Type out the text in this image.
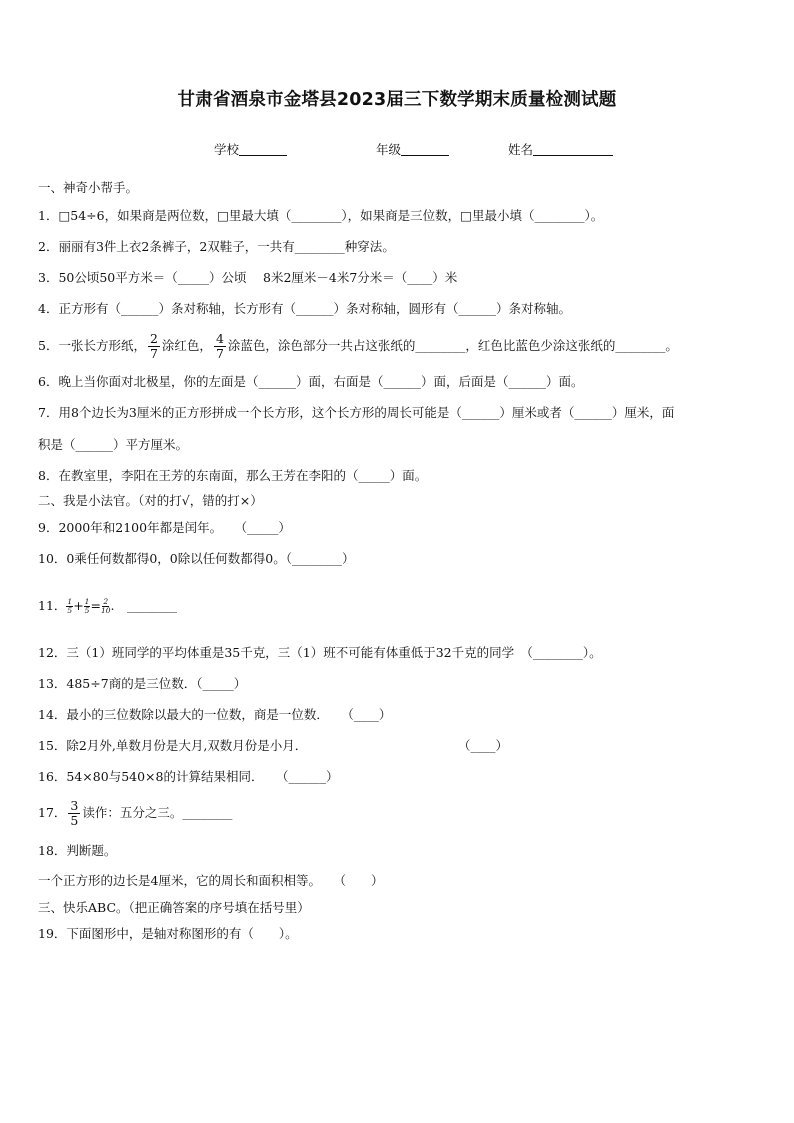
甘肃省酒泉市金塔县2023届三下数学期末质量检测试题
学校	年级	姓名
一、神奇小帮手。
1．□54÷6，如果商是两位数，□里最大填（________），如果商是三位数，□里最小填（________）。
2．丽丽有3件上衣2条裤子，2双鞋子，一共有________种穿法。
3．50公顷50平方米＝（_____）公顷 　8米2厘米－4米7分米＝（____）米
4．正方形有（______）条对称轴，长方形有（______）条对称轴，圆形有（______）条对称轴。
5．一张长方形纸， $\frac{2}{7}$ 涂红色， $\frac{4}{7}$ 涂蓝色，涂色部分一共占这张纸的________，红色比蓝色少涂这张纸的________。
6．晚上当你面对北极星，你的左面是（______）面，右面是（______）面，后面是（______）面。
7．用8个边长为3厘米的正方形拼成一个长方形，这个长方形的周长可能是（______）厘米或者（______）厘米，面
积是（______）平方厘米。
8．在教室里，李阳在王芳的东南面，那么王芳在李阳的（_____）面。
二、我是小法官。（对的打√，错的打×）
9．2000年和2100年都是闰年。　　（_____）
10．0乘任何数都得0，0除以任何数都得0。（________）
11． $\frac{1}{5} + \frac{1}{5} = \frac{2}{10}$ .　________
12．三（1）班同学的平均体重是35千克，三（1）班不可能有体重低于32千克的同学　（________）。
13．485÷7商的是三位数．（_____）
14．最小的三位数除以最大的一位数，商是一位数．　　（____）
15．除2月外,单数月份是大月,双数月份是小月．	（____）
16．54×80与540×8的计算结果相同．　　（______）
17． $\frac{3}{5}$ 读作：五分之三。________
18．判断题。
一个正方形的边长是4厘米，它的周长和面积相等。　　（　　）
三、快乐ABC。（把正确答案的序号填在括号里）
19．下面图形中，是轴对称图形的有（　　）。
